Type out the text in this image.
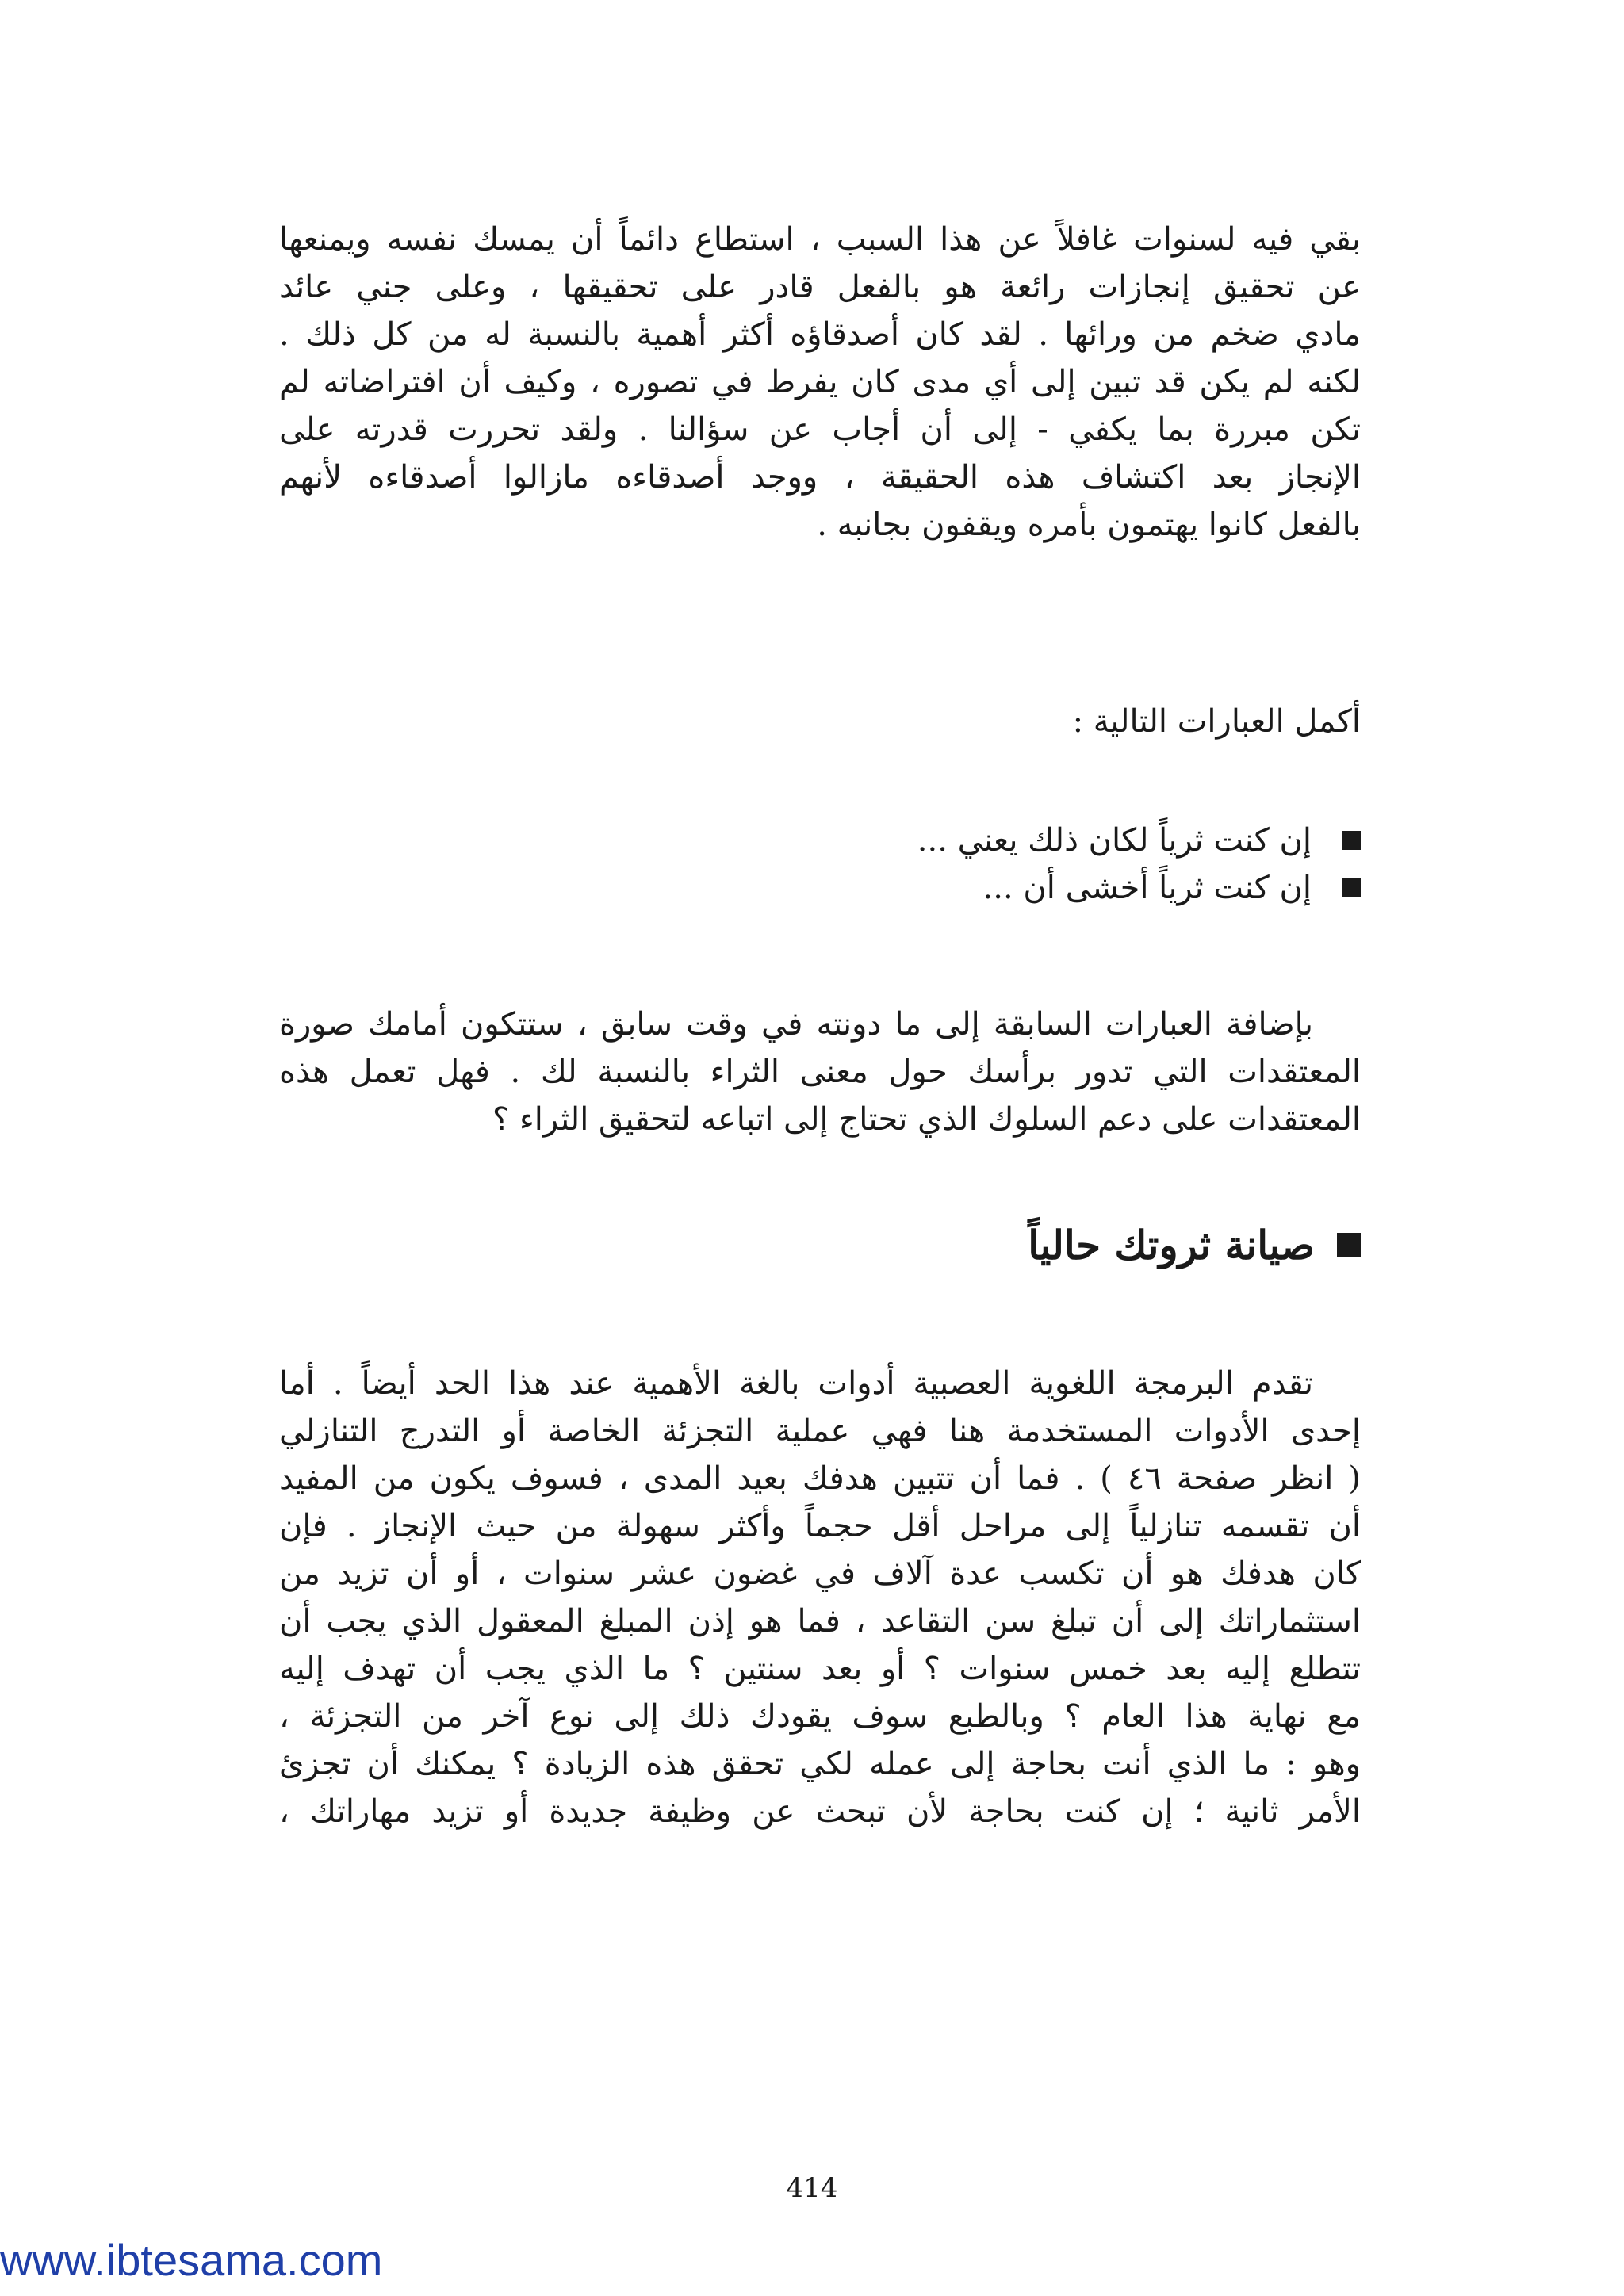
بقي فيه لسنوات غافلاً عن هذا السبب ، استطاع دائماً أن يمسك نفسه ويمنعها
عن تحقيق إنجازات رائعة هو بالفعل قادر على تحقيقها ، وعلى جني عائد
مادي ضخم من ورائها . لقد كان أصدقاؤه أكثر أهمية بالنسبة له من كل ذلك .
لكنه لم يكن قد تبين إلى أي مدى كان يفرط في تصوره ، وكيف أن افتراضاته لم
تكن مبررة بما يكفي - إلى أن أجاب عن سؤالنا . ولقد تحررت قدرته على
الإنجاز بعد اكتشاف هذه الحقيقة ، ووجد أصدقاءه مازالوا أصدقاءه لأنهم
بالفعل كانوا يهتمون بأمره ويقفون بجانبه .
أكمل العبارات التالية :
إن كنت ثرياً لكان ذلك يعني ...
إن كنت ثرياً أخشى أن ...
بإضافة العبارات السابقة إلى ما دونته في وقت سابق ، ستتكون أمامك صورة
المعتقدات التي تدور برأسك حول معنى الثراء بالنسبة لك . فهل تعمل هذه
المعتقدات على دعم السلوك الذي تحتاج إلى اتباعه لتحقيق الثراء ؟
صيانة ثروتك حالياً
تقدم البرمجة اللغوية العصبية أدوات بالغة الأهمية عند هذا الحد أيضاً . أما
إحدى الأدوات المستخدمة هنا فهي عملية التجزئة الخاصة أو التدرج التنازلي
( انظر صفحة ٤٦ ) . فما أن تتبين هدفك بعيد المدى ، فسوف يكون من المفيد
أن تقسمه تنازلياً إلى مراحل أقل حجماً وأكثر سهولة من حيث الإنجاز . فإن
كان هدفك هو أن تكسب عدة آلاف في غضون عشر سنوات ، أو أن تزيد من
استثماراتك إلى أن تبلغ سن التقاعد ، فما هو إذن المبلغ المعقول الذي يجب أن
تتطلع إليه بعد خمس سنوات ؟ أو بعد سنتين ؟ ما الذي يجب أن تهدف إليه
مع نهاية هذا العام ؟ وبالطبع سوف يقودك ذلك إلى نوع آخر من التجزئة ،
وهو : ما الذي أنت بحاجة إلى عمله لكي تحقق هذه الزيادة ؟ يمكنك أن تجزئ
الأمر ثانية ؛ إن كنت بحاجة لأن تبحث عن وظيفة جديدة أو تزيد مهاراتك ،
414
www.ibtesama.com
